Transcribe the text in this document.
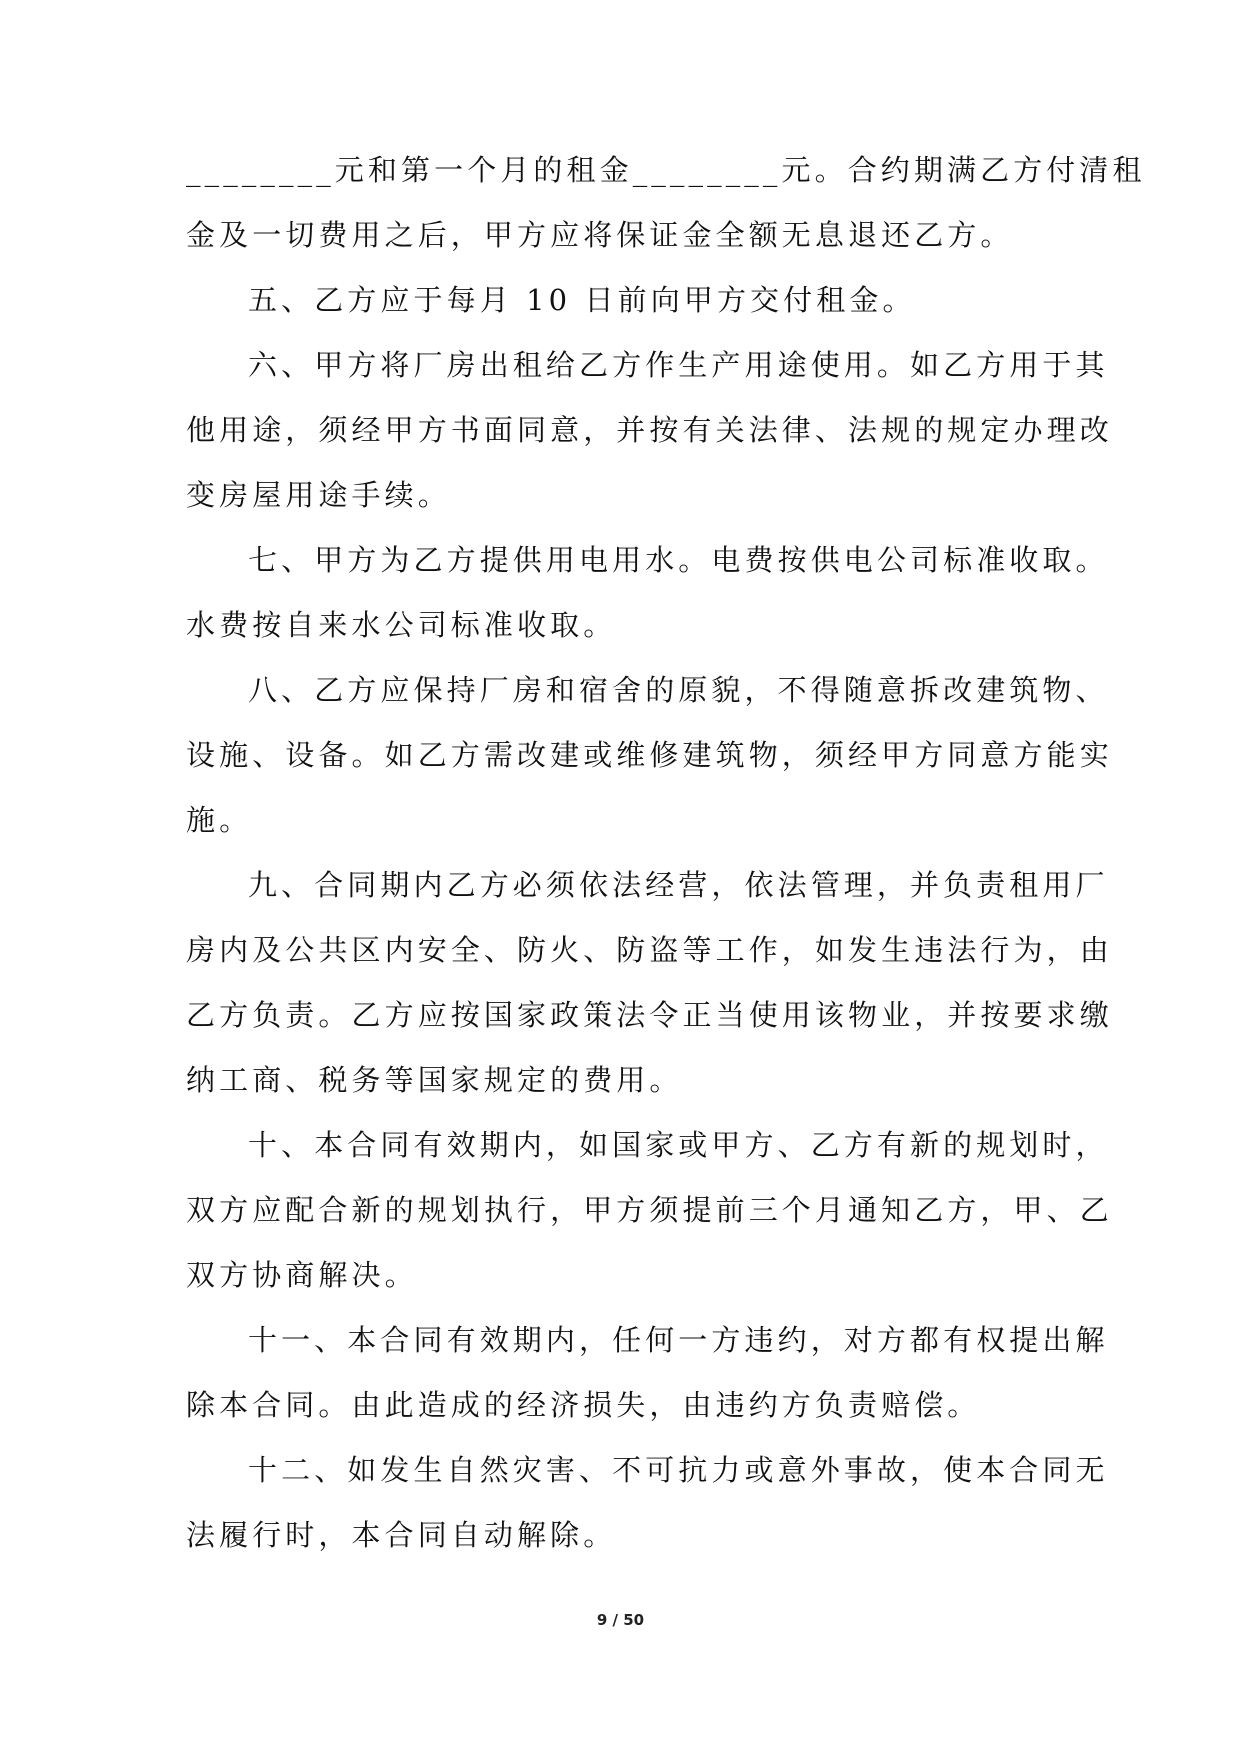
________元和第一个月的租金________元。合约期满乙方付清租
金及一切费用之后，甲方应将保证金全额无息退还乙方。
五、乙方应于每月 10 日前向甲方交付租金。
六、甲方将厂房出租给乙方作生产用途使用。如乙方用于其
他用途，须经甲方书面同意，并按有关法律、法规的规定办理改
变房屋用途手续。
七、甲方为乙方提供用电用水。电费按供电公司标准收取。
水费按自来水公司标准收取。
八、乙方应保持厂房和宿舍的原貌，不得随意拆改建筑物、
设施、设备。如乙方需改建或维修建筑物，须经甲方同意方能实
施。
九、合同期内乙方必须依法经营，依法管理，并负责租用厂
房内及公共区内安全、防火、防盗等工作，如发生违法行为，由
乙方负责。乙方应按国家政策法令正当使用该物业，并按要求缴
纳工商、税务等国家规定的费用。
十、本合同有效期内，如国家或甲方、乙方有新的规划时，
双方应配合新的规划执行，甲方须提前三个月通知乙方，甲、乙
双方协商解决。
十一、本合同有效期内，任何一方违约，对方都有权提出解
除本合同。由此造成的经济损失，由违约方负责赔偿。
十二、如发生自然灾害、不可抗力或意外事故，使本合同无
法履行时，本合同自动解除。
9 / 50
